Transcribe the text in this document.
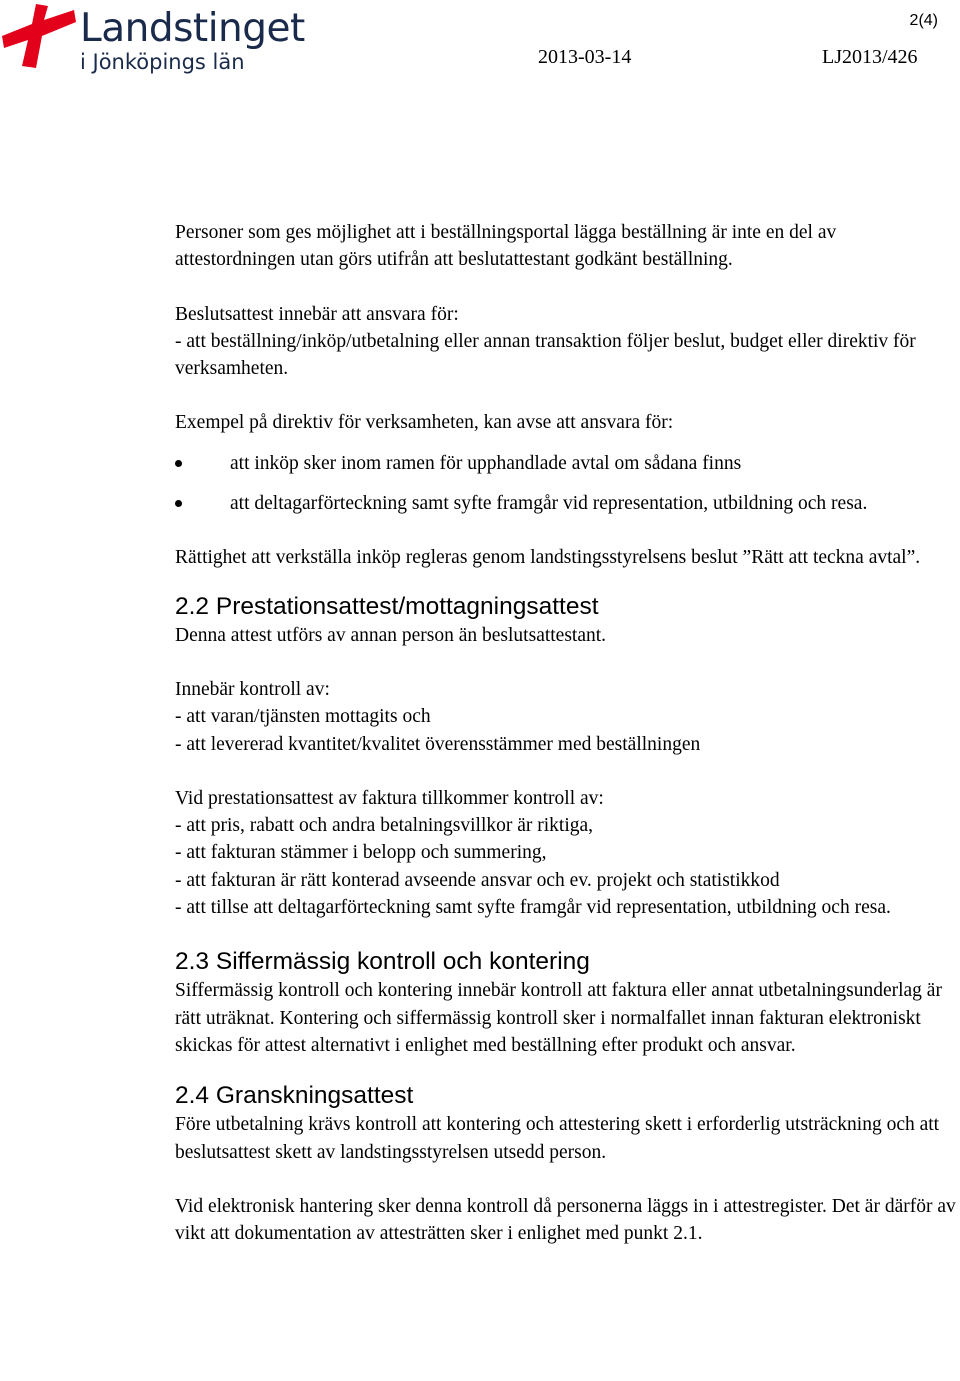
Landstinget
i Jönköpings län
2(4)
2013-03-14	LJ2013/426

Personer som ges möjlighet att i beställningsportal lägga beställning är inte en del av attestordningen utan görs utifrån att beslutattestant godkänt beställning.

Beslutsattest innebär att ansvara för:
- att beställning/inköp/utbetalning eller annan transaktion följer beslut, budget eller direktiv för verksamheten.

Exempel på direktiv för verksamheten, kan avse att ansvara för:

att inköp sker inom ramen för upphandlade avtal om sådana finns
att deltagarförteckning samt syfte framgår vid representation, utbildning och resa.

Rättighet att verkställa inköp regleras genom landstingsstyrelsens beslut ”Rätt att teckna avtal”.

2.2 Prestationsattest/mottagningsattest

Denna attest utförs av annan person än beslutsattestant.

Innebär kontroll av:
- att varan/tjänsten mottagits och
- att levererad kvantitet/kvalitet överensstämmer med beställningen

Vid prestationsattest av faktura tillkommer kontroll av:
- att pris, rabatt och andra betalningsvillkor är riktiga,
- att fakturan stämmer i belopp och summering,
- att fakturan är rätt konterad avseende ansvar och ev. projekt och statistikkod
- att tillse att deltagarförteckning samt syfte framgår vid representation, utbildning och resa.

2.3 Siffermässig kontroll och kontering

Siffermässig kontroll och kontering innebär kontroll att faktura eller annat utbetalningsunderlag är rätt uträknat. Kontering och siffermässig kontroll sker i normalfallet innan fakturan elektroniskt skickas för attest alternativt i enlighet med beställning efter produkt och ansvar.

2.4 Granskningsattest

Före utbetalning krävs kontroll att kontering och attestering skett i erforderlig utsträckning och att beslutsattest skett av landstingsstyrelsen utsedd person.

Vid elektronisk hantering sker denna kontroll då personerna läggs in i attestregister. Det är därför av vikt att dokumentation av attesträtten sker i enlighet med punkt 2.1.
